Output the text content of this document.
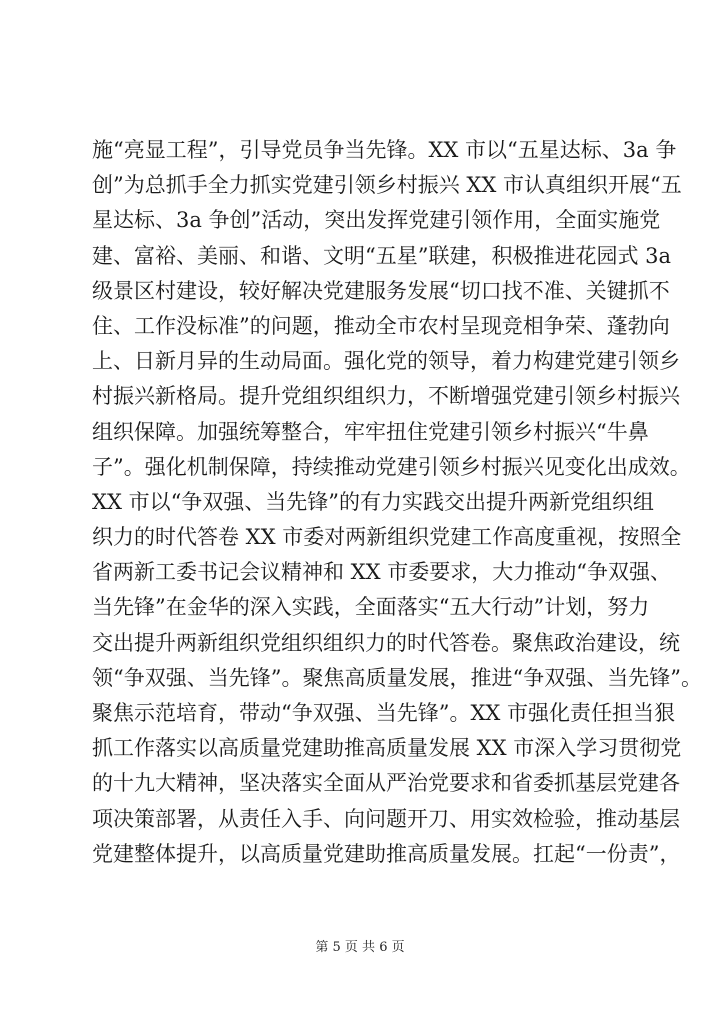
施“亮显工程”，引导党员争当先锋。XX 市以“五星达标、3a 争
创”为总抓手全力抓实党建引领乡村振兴 XX 市认真组织开展“五
星达标、3a 争创”活动，突出发挥党建引领作用，全面实施党
建、富裕、美丽、和谐、文明“五星”联建，积极推进花园式 3a
级景区村建设，较好解决党建服务发展“切口找不准、关键抓不
住、工作没标准”的问题，推动全市农村呈现竞相争荣、蓬勃向
上、日新月异的生动局面。强化党的领导，着力构建党建引领乡
村振兴新格局。提升党组织组织力，不断增强党建引领乡村振兴
组织保障。加强统筹整合，牢牢扭住党建引领乡村振兴“牛鼻
子”。强化机制保障，持续推动党建引领乡村振兴见变化出成效。
XX 市以“争双强、当先锋”的有力实践交出提升两新党组织组
织力的时代答卷 XX 市委对两新组织党建工作高度重视，按照全
省两新工委书记会议精神和 XX 市委要求，大力推动“争双强、
当先锋”在金华的深入实践，全面落实“五大行动”计划，努力
交出提升两新组织党组织组织力的时代答卷。聚焦政治建设，统
领“争双强、当先锋”。聚焦高质量发展，推进“争双强、当先锋”。
聚焦示范培育，带动“争双强、当先锋”。XX 市强化责任担当狠
抓工作落实以高质量党建助推高质量发展 XX 市深入学习贯彻党
的十九大精神，坚决落实全面从严治党要求和省委抓基层党建各
项决策部署，从责任入手、向问题开刀、用实效检验，推动基层
党建整体提升，以高质量党建助推高质量发展。扛起“一份责”，
第 5 页 共 6 页
